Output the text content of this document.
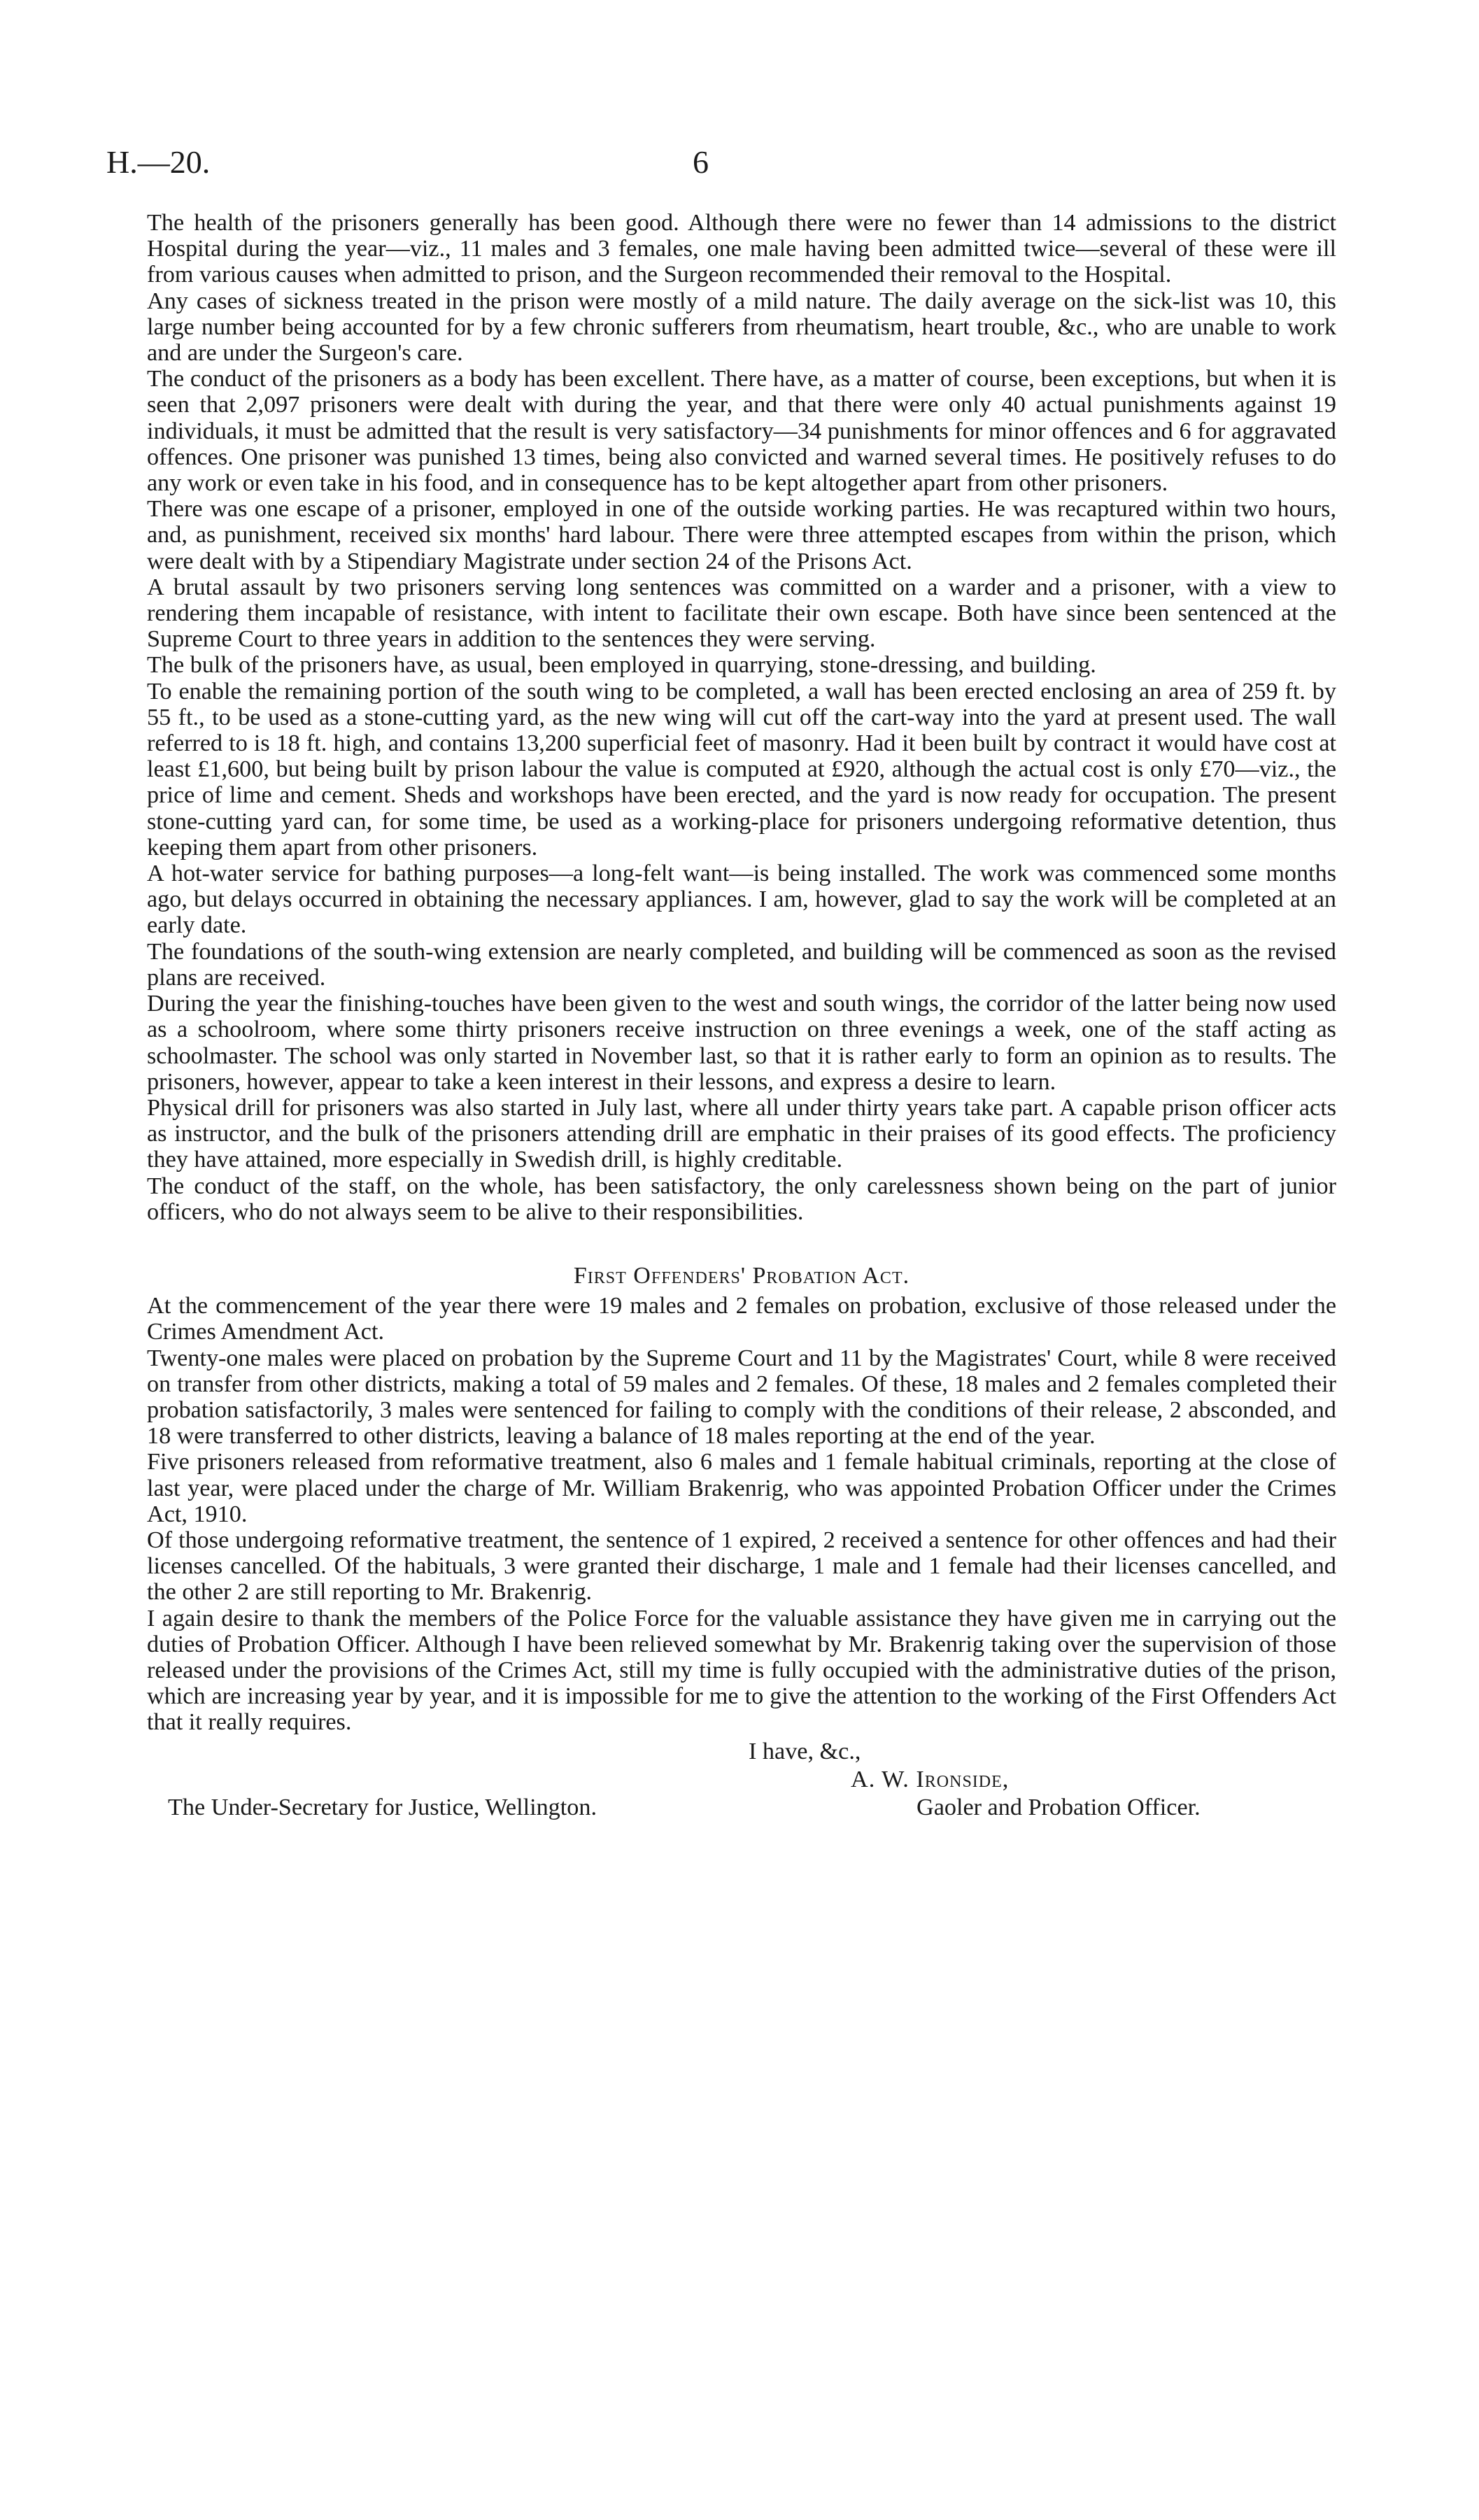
H.—20.	6

The health of the prisoners generally has been good. Although there were no fewer than 14 admissions to the district Hospital during the year—viz., 11 males and 3 females, one male having been admitted twice—several of these were ill from various causes when admitted to prison, and the Surgeon recommended their removal to the Hospital.

Any cases of sickness treated in the prison were mostly of a mild nature. The daily average on the sick-list was 10, this large number being accounted for by a few chronic sufferers from rheumatism, heart trouble, &c., who are unable to work and are under the Surgeon's care.

The conduct of the prisoners as a body has been excellent. There have, as a matter of course, been exceptions, but when it is seen that 2,097 prisoners were dealt with during the year, and that there were only 40 actual punishments against 19 individuals, it must be admitted that the result is very satisfactory—34 punishments for minor offences and 6 for aggravated offences. One prisoner was punished 13 times, being also convicted and warned several times. He positively refuses to do any work or even take in his food, and in consequence has to be kept altogether apart from other prisoners.

There was one escape of a prisoner, employed in one of the outside working parties. He was recaptured within two hours, and, as punishment, received six months' hard labour. There were three attempted escapes from within the prison, which were dealt with by a Stipendiary Magistrate under section 24 of the Prisons Act.

A brutal assault by two prisoners serving long sentences was committed on a warder and a prisoner, with a view to rendering them incapable of resistance, with intent to facilitate their own escape. Both have since been sentenced at the Supreme Court to three years in addition to the sentences they were serving.

The bulk of the prisoners have, as usual, been employed in quarrying, stone-dressing, and building.

To enable the remaining portion of the south wing to be completed, a wall has been erected enclosing an area of 259 ft. by 55 ft., to be used as a stone-cutting yard, as the new wing will cut off the cart-way into the yard at present used. The wall referred to is 18 ft. high, and contains 13,200 superficial feet of masonry. Had it been built by contract it would have cost at least £1,600, but being built by prison labour the value is computed at £920, although the actual cost is only £70—viz., the price of lime and cement. Sheds and workshops have been erected, and the yard is now ready for occupation. The present stone-cutting yard can, for some time, be used as a working-place for prisoners undergoing reformative detention, thus keeping them apart from other prisoners.

A hot-water service for bathing purposes—a long-felt want—is being installed. The work was commenced some months ago, but delays occurred in obtaining the necessary appliances. I am, however, glad to say the work will be completed at an early date.

The foundations of the south-wing extension are nearly completed, and building will be commenced as soon as the revised plans are received.

During the year the finishing-touches have been given to the west and south wings, the corridor of the latter being now used as a schoolroom, where some thirty prisoners receive instruction on three evenings a week, one of the staff acting as schoolmaster. The school was only started in November last, so that it is rather early to form an opinion as to results. The prisoners, however, appear to take a keen interest in their lessons, and express a desire to learn.

Physical drill for prisoners was also started in July last, where all under thirty years take part. A capable prison officer acts as instructor, and the bulk of the prisoners attending drill are emphatic in their praises of its good effects. The proficiency they have attained, more especially in Swedish drill, is highly creditable.

The conduct of the staff, on the whole, has been satisfactory, the only carelessness shown being on the part of junior officers, who do not always seem to be alive to their responsibilities.

First Offenders' Probation Act.

At the commencement of the year there were 19 males and 2 females on probation, exclusive of those released under the Crimes Amendment Act.

Twenty-one males were placed on probation by the Supreme Court and 11 by the Magistrates' Court, while 8 were received on transfer from other districts, making a total of 59 males and 2 females. Of these, 18 males and 2 females completed their probation satisfactorily, 3 males were sentenced for failing to comply with the conditions of their release, 2 absconded, and 18 were transferred to other districts, leaving a balance of 18 males reporting at the end of the year.

Five prisoners released from reformative treatment, also 6 males and 1 female habitual criminals, reporting at the close of last year, were placed under the charge of Mr. William Brakenrig, who was appointed Probation Officer under the Crimes Act, 1910.

Of those undergoing reformative treatment, the sentence of 1 expired, 2 received a sentence for other offences and had their licenses cancelled. Of the habituals, 3 were granted their discharge, 1 male and 1 female had their licenses cancelled, and the other 2 are still reporting to Mr. Brakenrig.

I again desire to thank the members of the Police Force for the valuable assistance they have given me in carrying out the duties of Probation Officer. Although I have been relieved somewhat by Mr. Brakenrig taking over the supervision of those released under the provisions of the Crimes Act, still my time is fully occupied with the administrative duties of the prison, which are increasing year by year, and it is impossible for me to give the attention to the working of the First Offenders Act that it really requires.

I have, &c.,
A. W. Ironside,
The Under-Secretary for Justice, Wellington.	Gaoler and Probation Officer.
